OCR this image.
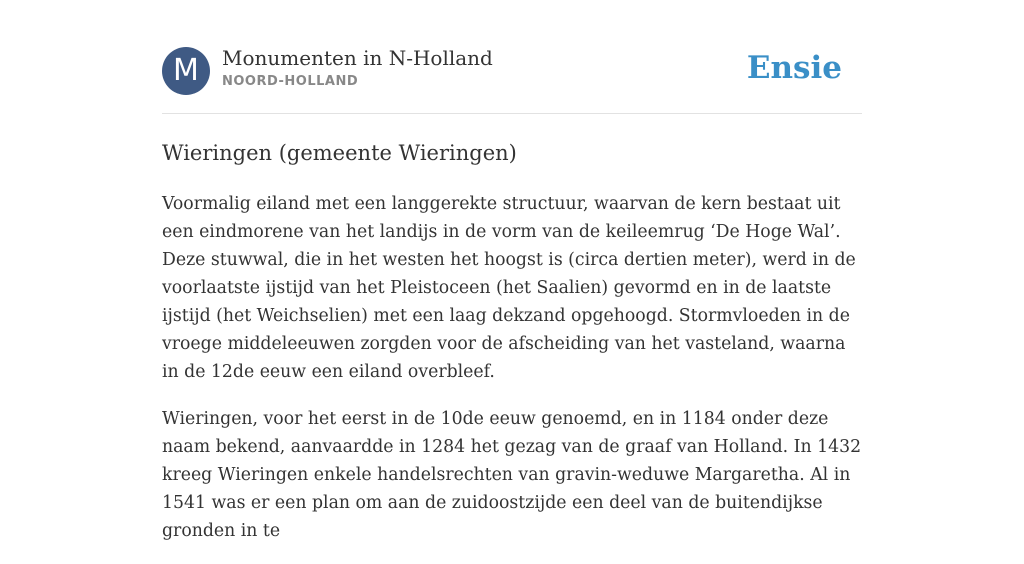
M	Monumenten in N-Holland
NOORD-HOLLAND	Ensie
Wieringen (gemeente Wieringen)

Voormalig eiland met een langgerekte structuur, waarvan de kern bestaat uit een eindmorene van het landijs in de vorm van de keileemrug ‘De Hoge Wal’. Deze stuwwal, die in het westen het hoogst is (circa dertien meter), werd in de voorlaatste ijstijd van het Pleistoceen (het Saalien) gevormd en in de laatste ijstijd (het Weichselien) met een laag dekzand opgehoogd. Stormvloeden in de vroege middeleeuwen zorgden voor de afscheiding van het vasteland, waarna in de 12de eeuw een eiland overbleef.

Wieringen, voor het eerst in de 10de eeuw genoemd, en in 1184 onder deze naam bekend, aanvaardde in 1284 het gezag van de graaf van Holland. In 1432 kreeg Wieringen enkele handelsrechten van gravin-weduwe Margaretha. Al in 1541 was er een plan om aan de zuidoostzijde een deel van de buitendijkse gronden in te
